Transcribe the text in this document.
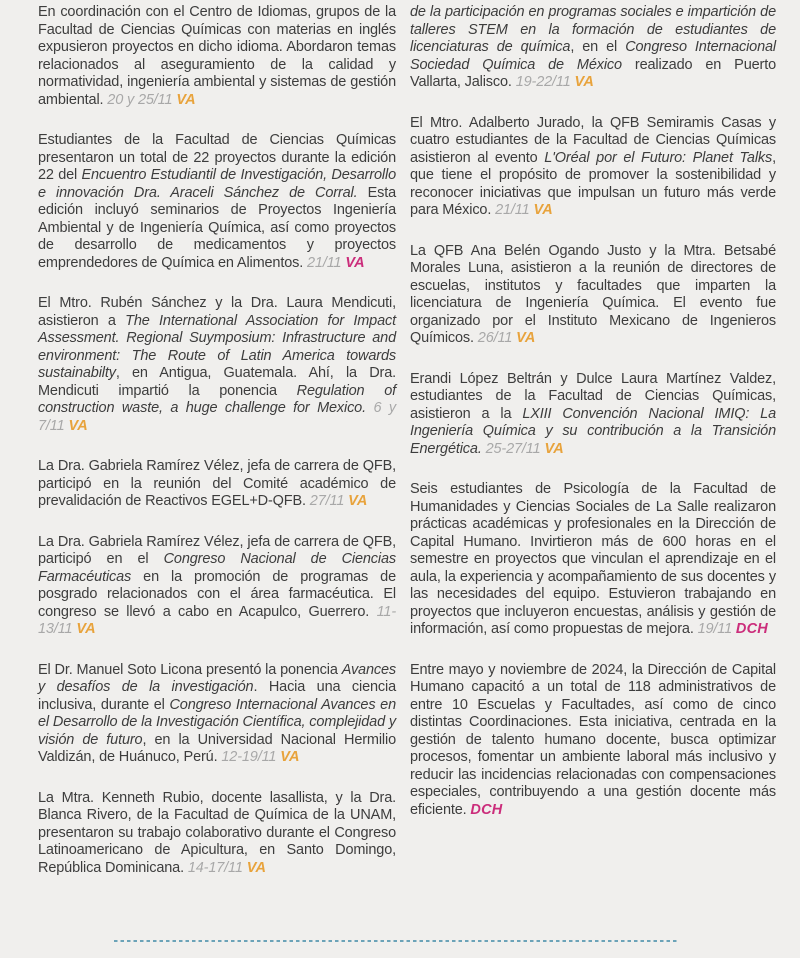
En coordinación con el Centro de Idiomas, grupos de la Facultad de Ciencias Químicas con materias en inglés expusieron proyectos en dicho idioma. Abordaron temas relacionados al aseguramiento de la calidad y normatividad, ingeniería ambiental y sistemas de gestión ambiental. 20 y 25/11 VA

Estudiantes de la Facultad de Ciencias Químicas presentaron un total de 22 proyectos durante la edición 22 del Encuentro Estudiantil de Investigación, Desarrollo e innovación Dra. Araceli Sánchez de Corral. Esta edición incluyó seminarios de Proyectos Ingeniería Ambiental y de Ingeniería Química, así como proyectos de desarrollo de medicamentos y proyectos emprendedores de Química en Alimentos. 21/11 VA

El Mtro. Rubén Sánchez y la Dra. Laura Mendicuti, asistieron a The International Association for Impact Assessment. Regional Suymposium: Infrastructure and environment: The Route of Latin America towards sustainabilty, en Antigua, Guatemala. Ahí, la Dra. Mendicuti impartió la ponencia Regulation of construction waste, a huge challenge for Mexico. 6 y 7/11 VA

La Dra. Gabriela Ramírez Vélez, jefa de carrera de QFB, participó en la reunión del Comité académico de prevalidación de Reactivos EGEL+D-QFB. 27/11 VA

La Dra. Gabriela Ramírez Vélez, jefa de carrera de QFB, participó en el Congreso Nacional de Ciencias Farmacéuticas en la promoción de programas de posgrado relacionados con el área farmacéutica. El congreso se llevó a cabo en Acapulco, Guerrero. 11-13/11 VA

El Dr. Manuel Soto Licona presentó la ponencia Avances y desafíos de la investigación. Hacia una ciencia inclusiva, durante el Congreso Internacional Avances en el Desarrollo de la Investigación Científica, complejidad y visión de futuro, en la Universidad Nacional Hermilio Valdizán, de Huánuco, Perú. 12-19/11 VA

La Mtra. Kenneth Rubio, docente lasallista, y la Dra. Blanca Rivero, de la Facultad de Química de la UNAM, presentaron su trabajo colaborativo durante el Congreso Latinoamericano de Apicultura, en Santo Domingo, República Dominicana. 14-17/11 VA

de la participación en programas sociales e impartición de talleres STEM en la formación de estudiantes de licenciaturas de química, en el Congreso Internacional Sociedad Química de México realizado en Puerto Vallarta, Jalisco. 19-22/11 VA

El Mtro. Adalberto Jurado, la QFB Semiramis Casas y cuatro estudiantes de la Facultad de Ciencias Químicas asistieron al evento L'Oréal por el Futuro: Planet Talks, que tiene el propósito de promover la sostenibilidad y reconocer iniciativas que impulsan un futuro más verde para México. 21/11 VA

La QFB Ana Belén Ogando Justo y la Mtra. Betsabé Morales Luna, asistieron a la reunión de directores de escuelas, institutos y facultades que imparten la licenciatura de Ingeniería Química. El evento fue organizado por el Instituto Mexicano de Ingenieros Químicos. 26/11 VA

Erandi López Beltrán y Dulce Laura Martínez Valdez, estudiantes de la Facultad de Ciencias Químicas, asistieron a la LXIII Convención Nacional IMIQ: La Ingeniería Química y su contribución a la Transición Energética. 25-27/11 VA

Seis estudiantes de Psicología de la Facultad de Humanidades y Ciencias Sociales de La Salle realizaron prácticas académicas y profesionales en la Dirección de Capital Humano. Invirtieron más de 600 horas en el semestre en proyectos que vinculan el aprendizaje en el aula, la experiencia y acompañamiento de sus docentes y las necesidades del equipo. Estuvieron trabajando en proyectos que incluyeron encuestas, análisis y gestión de información, así como propuestas de mejora. 19/11 DCH

Entre mayo y noviembre de 2024, la Dirección de Capital Humano capacitó a un total de 118 administrativos de entre 10 Escuelas y Facultades, así como de cinco distintas Coordinaciones. Esta iniciativa, centrada en la gestión de talento humano docente, busca optimizar procesos, fomentar un ambiente laboral más inclusivo y reducir las incidencias relacionadas con compensaciones especiales, contribuyendo a una gestión docente más eficiente. DCH
